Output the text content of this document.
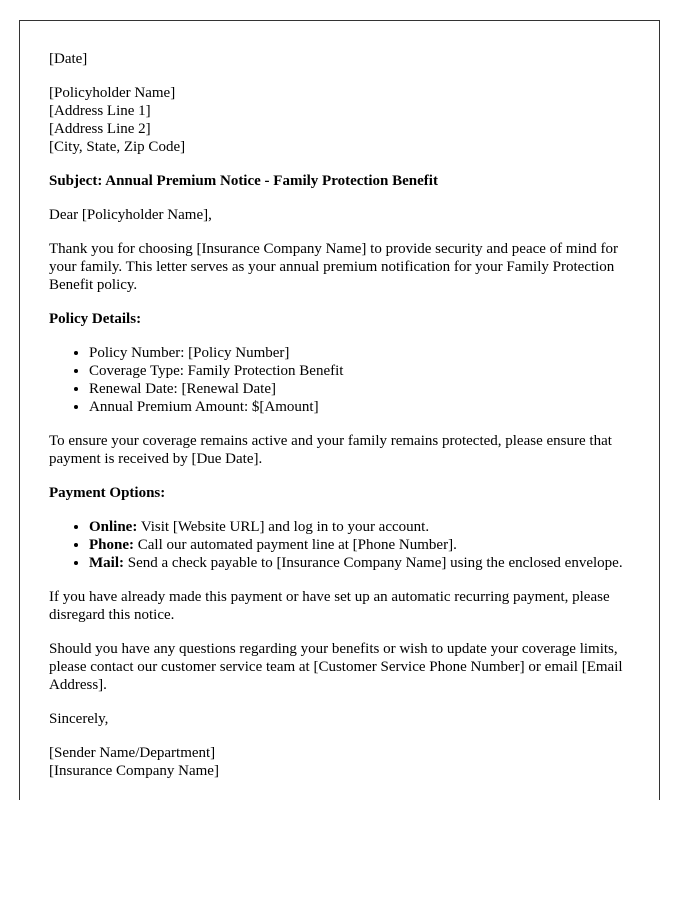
[Date]

[Policyholder Name]
[Address Line 1]
[Address Line 2]
[City, State, Zip Code]

Subject: Annual Premium Notice - Family Protection Benefit

Dear [Policyholder Name],

Thank you for choosing [Insurance Company Name] to provide security and peace of mind for your family. This letter serves as your annual premium notification for your Family Protection Benefit policy.

Policy Details:

• Policy Number: [Policy Number]
• Coverage Type: Family Protection Benefit
• Renewal Date: [Renewal Date]
• Annual Premium Amount: $[Amount]

To ensure your coverage remains active and your family remains protected, please ensure that payment is received by [Due Date].

Payment Options:

• Online: Visit [Website URL] and log in to your account.
• Phone: Call our automated payment line at [Phone Number].
• Mail: Send a check payable to [Insurance Company Name] using the enclosed envelope.

If you have already made this payment or have set up an automatic recurring payment, please disregard this notice.

Should you have any questions regarding your benefits or wish to update your coverage limits, please contact our customer service team at [Customer Service Phone Number] or email [Email Address].

Sincerely,

[Sender Name/Department]
[Insurance Company Name]
